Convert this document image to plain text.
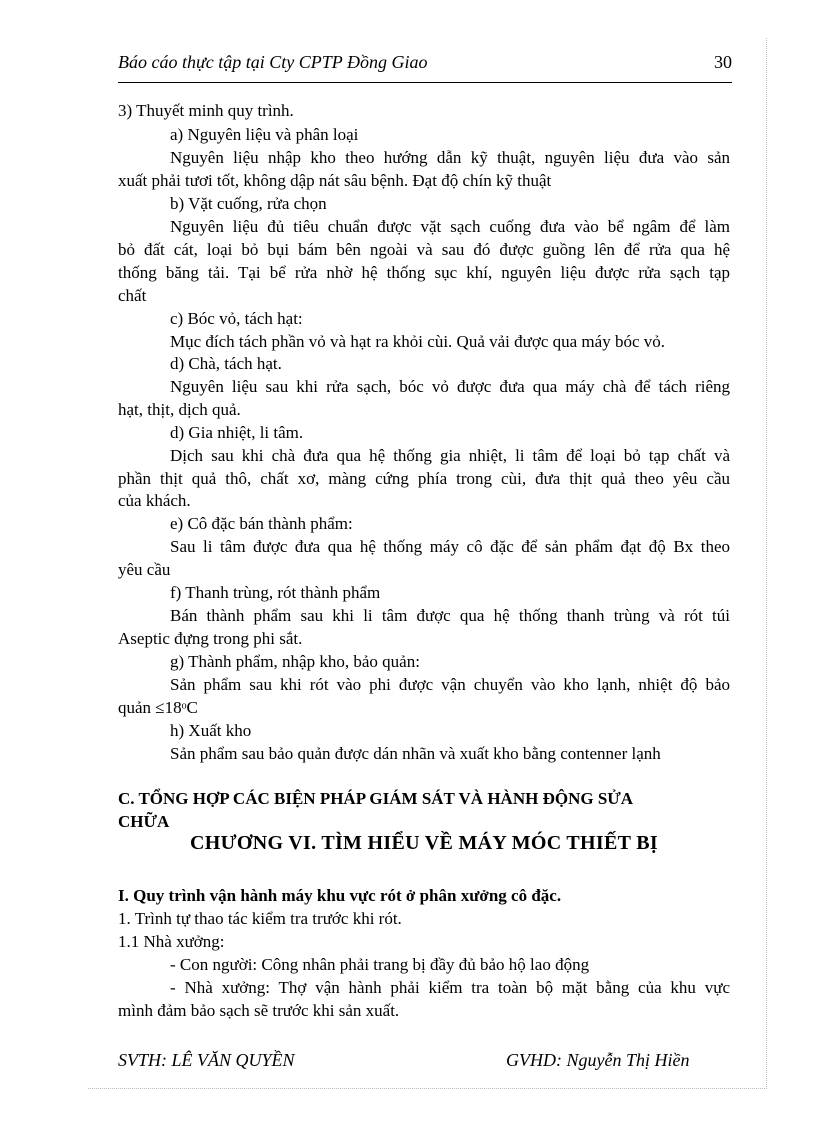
Báo cáo thực tập tại Cty CPTP Đồng Giao	30
3) Thuyết minh quy trình.
a) Nguyên liệu và phân loại
Nguyên liệu nhập kho theo hướng dẫn kỹ thuật, nguyên liệu đưa vào sản
xuất phải tươi tốt, không dập nát sâu bệnh. Đạt độ chín kỹ thuật
b) Vặt cuống, rửa chọn
Nguyên liệu đủ tiêu chuẩn được vặt sạch cuống đưa vào bể ngâm để làm
bỏ đất cát, loại bỏ bụi bám bên ngoài và sau đó được guồng lên để rửa qua hệ
thống băng tải. Tại bể rửa nhờ hệ thống sục khí, nguyên liệu được rửa sạch tạp
chất
c) Bóc vỏ, tách hạt:
Mục đích tách phần vỏ và hạt ra khỏi cùi. Quả vải được qua máy bóc vỏ.
d) Chà, tách hạt.
Nguyên liệu sau khi rửa sạch, bóc vỏ được đưa qua máy chà để tách riêng
hạt, thịt, dịch quả.
d) Gia nhiệt, li tâm.
Dịch sau khi chà đưa qua hệ thống gia nhiệt, li tâm để loại bỏ tạp chất và
phần thịt quả thô, chất xơ, màng cứng phía trong cùi, đưa thịt quả theo yêu cầu
của khách.
e) Cô đặc bán thành phẩm:
Sau li tâm được đưa qua hệ thống máy cô đặc để sản phẩm đạt độ Bx theo
yêu cầu
f) Thanh trùng, rót thành phẩm
Bán thành phẩm sau khi li tâm được qua hệ thống thanh trùng và rót túi
Aseptic đựng trong phi sắt.
g) Thành phẩm, nhập kho, bảo quản:
Sản phẩm sau khi rót vào phi được vận chuyển vào kho lạnh, nhiệt độ bảo
quản ≤18ᵒC
h) Xuất kho
Sản phẩm sau bảo quản được dán nhãn và xuất kho bằng contenner lạnh
C. TỔNG HỢP CÁC BIỆN PHÁP GIÁM SÁT VÀ HÀNH ĐỘNG SỬA
CHỮA
CHƯƠNG VI. TÌM HIỂU VỀ MÁY MÓC THIẾT BỊ
I. Quy trình vận hành máy khu vực rót ở phân xưởng cô đặc.
1. Trình tự thao tác kiểm tra trước khi rót.
1.1 Nhà xưởng:
- Con người: Công nhân phải trang bị đầy đủ bảo hộ lao động
- Nhà xưởng: Thợ vận hành phải kiểm tra toàn bộ mặt bằng của khu vực
mình đảm bảo sạch sẽ trước khi sản xuất.
SVTH: LÊ VĂN QUYỀN	GVHD: Nguyễn Thị Hiền
